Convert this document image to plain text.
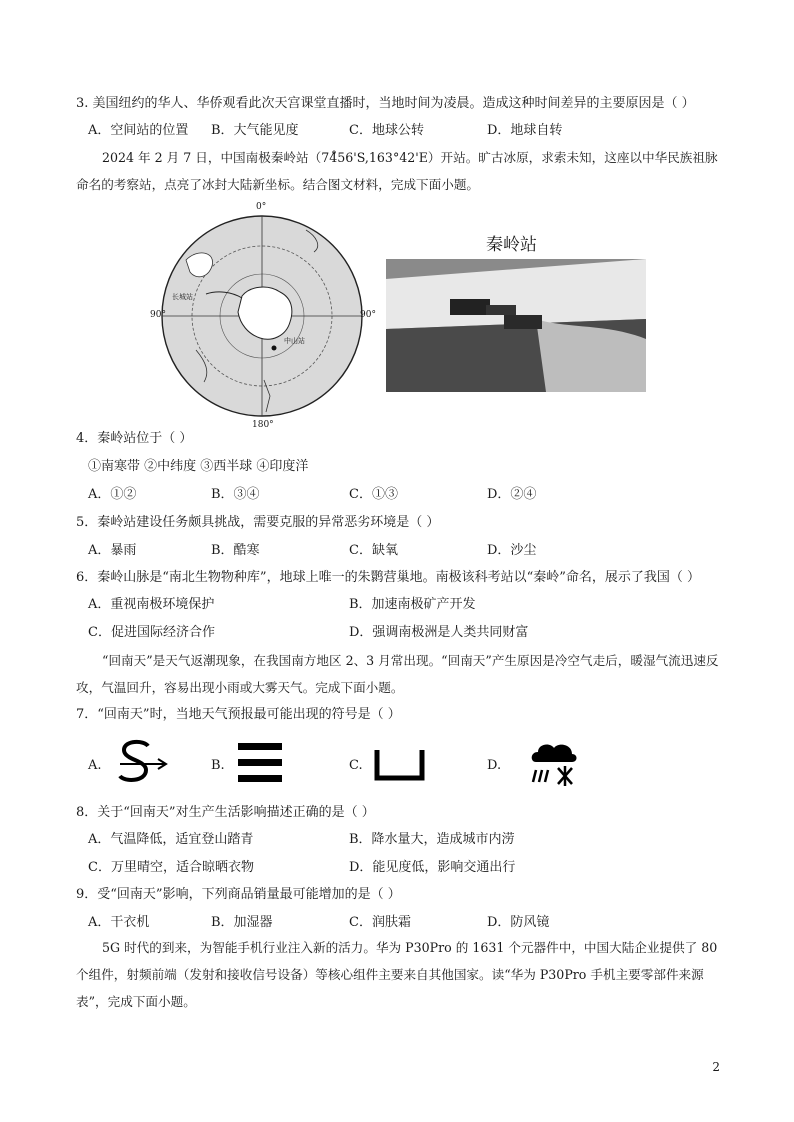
3. 美国纽约的华人、华侨观看此次天宫课堂直播时，当地时间为凌晨。造成这种时间差异的主要原因是（ ）
A．空间站的位置 B．大气能见度	C．地球公转	D．地球自转
2024 年 2 月 7 日，中国南极秦岭站（74̊56'S,163°42'E）开站。旷古冰原，求索未知，这座以中华民族祖脉命名的考察站，点亮了冰封大陆新坐标。结合图文材料，完成下面小题。
0°
90°	90°
180°
长城站
中山站
秦岭站
4．秦岭站位于（ ）
①南寒带 ②中纬度 ③西半球 ④印度洋
A．①②	B．③④	C．①③	D．②④
5．秦岭站建设任务颇具挑战，需要克服的异常恶劣环境是（ ）
A．暴雨	B．酷寒	C．缺氧	D．沙尘
6．秦岭山脉是“南北生物物种库”，地球上唯一的朱鹮营巢地。南极该科考站以“秦岭”命名，展示了我国（ ）
A．重视南极环境保护	B．加速南极矿产开发
C．促进国际经济合作	D．强调南极洲是人类共同财富
“回南天”是天气返潮现象，在我国南方地区 2、3 月常出现。“回南天”产生原因是冷空气走后，暖湿气流迅速反攻，气温回升，容易出现小雨或大雾天气。完成下面小题。
7．“回南天”时，当地天气预报最可能出现的符号是（ ）
A.	B.	C.	D.
8．关于“回南天”对生产生活影响描述正确的是（ ）
A．气温降低，适宜登山踏青	B．降水量大，造成城市内涝
C．万里晴空，适合晾晒衣物	D．能见度低，影响交通出行
9．受“回南天”影响，下列商品销量最可能增加的是（ ）
A．干衣机	B．加湿器	C．润肤霜	D．防风镜
5G 时代的到来，为智能手机行业注入新的活力。华为 P30Pro 的 1631 个元器件中，中国大陆企业提供了 80 个组件，射频前端（发射和接收信号设备）等核心组件主要来自其他国家。读“华为 P30Pro 手机主要零部件来源表”，完成下面小题。
2
